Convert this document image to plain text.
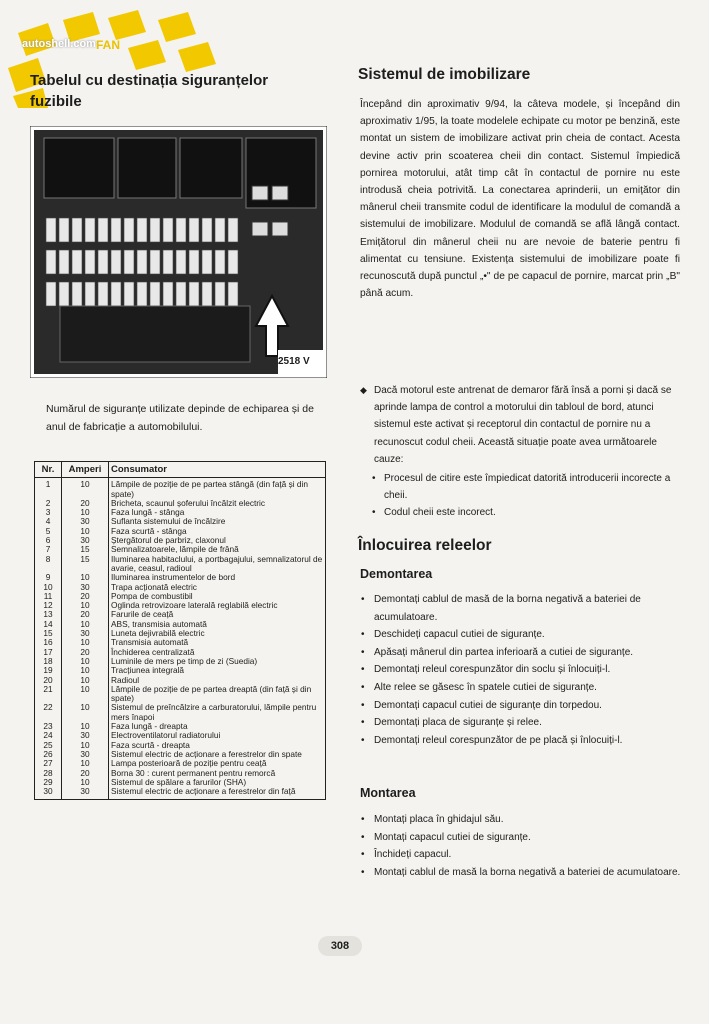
autoshell.com FAN
Tabelul cu destinația siguranțelor
fuzibile
2518 V
Numărul de siguranțe utilizate depinde de echiparea și de anul de fabricație a automobilului.
Nr.	Amperi	Consumator
1	10	Lămpile de poziție de pe partea stângă (din față și din spate)
2	20	Bricheta, scaunul șoferului încălzit electric
3	10	Faza lungă - stânga
4	30	Suflanta sistemului de încălzire
5	10	Faza scurtă - stânga
6	30	Ștergătorul de parbriz, claxonul
7	15	Semnalizatoarele, lămpile de frână
8	15	Iluminarea habitaclului, a portbagajului, semnalizatorul de avarie, ceasul, radioul
9	10	Iluminarea instrumentelor de bord
10	30	Trapa acționată electric
11	20	Pompa de combustibil
12	10	Oglinda retrovizoare laterală reglabilă electric
13	20	Farurile de ceață
14	10	ABS, transmisia automată
15	30	Luneta dejivrabilă electric
16	10	Transmisia automată
17	20	Închiderea centralizată
18	10	Luminile de mers pe timp de zi (Suedia)
19	10	Tracțiunea integrală
20	10	Radioul
21	10	Lămpile de poziție de pe partea dreaptă (din față și din spate)
22	10	Sistemul de preîncălzire a carburatorului, lămpile pentru mers înapoi
23	10	Faza lungă - dreapta
24	30	Electroventilatorul radiatorului
25	10	Faza scurtă - dreapta
26	30	Sistemul electric de acționare a ferestrelor din spate
27	10	Lampa posterioară de poziție pentru ceață
28	20	Borna 30 : curent permanent pentru remorcă
29	10	Sistemul de spălare a farurilor (SHA)
30	30	Sistemul electric de acționare a ferestrelor din față
Sistemul de imobilizare
Începând din aproximativ 9/94, la câteva modele, și începând din aproximativ 1/95, la toate modelele echipate cu motor pe benzină, este montat un sistem de imobilizare activat prin cheia de contact. Acesta devine activ prin scoaterea cheii din contact. Sistemul împiedică pornirea motorului, atât timp cât în contactul de pornire nu este introdusă cheia potrivită. La conectarea aprinderii, un emițător din mânerul cheii transmite codul de identificare la modulul de comandă a sistemului de imobilizare. Modulul de comandă se află lângă contact. Emițătorul din mânerul cheii nu are nevoie de baterie pentru fi alimentat cu tensiune. Existența sistemului de imobilizare poate fi recunoscută după punctul „•" de pe capacul de pornire, marcat prin „B" până acum.
◆ Dacă motorul este antrenat de demaror fără însă a porni și dacă se aprinde lampa de control a motorului din tabloul de bord, atunci sistemul este activat și receptorul din contactul de pornire nu a recunoscut codul cheii. Această situație poate avea următoarele cauze:
• Procesul de citire este împiedicat datorită introducerii incorecte a cheii.
• Codul cheii este incorect.
Înlocuirea releelor
Demontarea
• Demontați cablul de masă de la borna negativă a bateriei de acumulatoare.
• Deschideți capacul cutiei de siguranțe.
• Apăsați mânerul din partea inferioară a cutiei de siguranțe.
• Demontați releul corespunzător din soclu și înlocuiți-l.
• Alte relee se găsesc în spatele cutiei de siguranțe.
• Demontați capacul cutiei de siguranțe din torpedou.
• Demontați placa de siguranțe și relee.
• Demontați releul corespunzător de pe placă și înlocuiți-l.
Montarea
• Montați placa în ghidajul său.
• Montați capacul cutiei de siguranțe.
• Închideți capacul.
• Montați cablul de masă la borna negativă a bateriei de acumulatoare.
308
